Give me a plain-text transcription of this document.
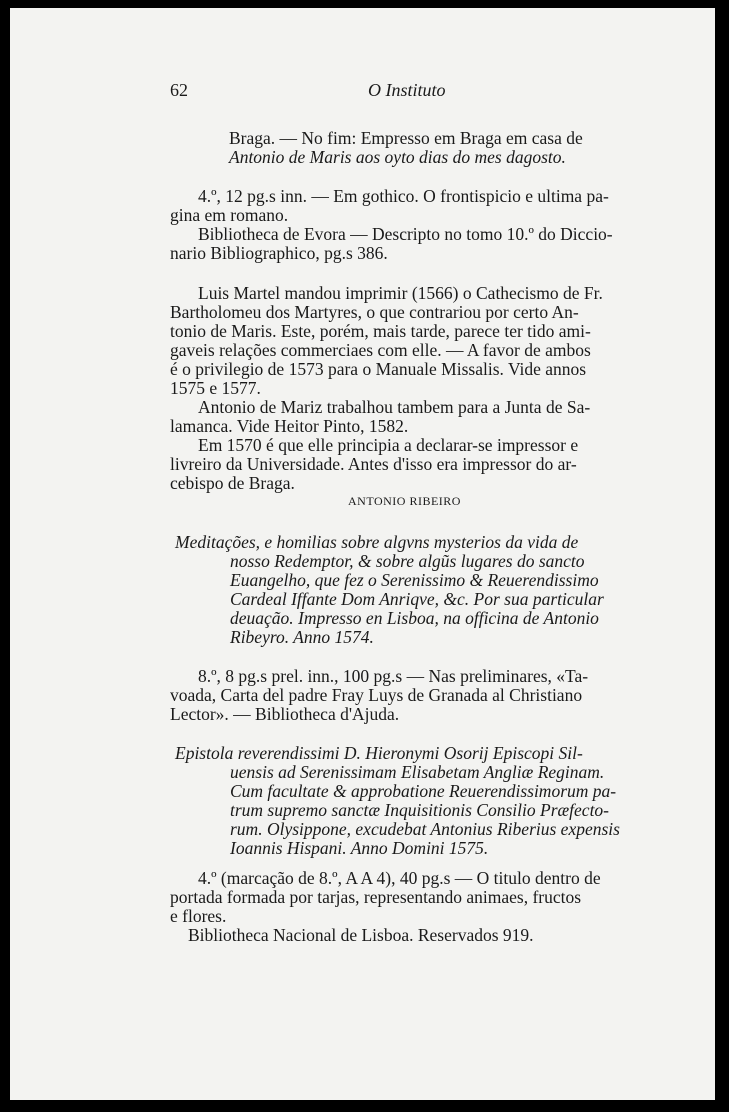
62	O Instituto
Braga. — No fim: Empresso em Braga em casa de
Antonio de Maris aos oyto dias do mes dagosto.
4.º, 12 pg.s inn. — Em gothico. O frontispicio e ultima pa-
gina em romano.
Bibliotheca de Evora — Descripto no tomo 10.º do Diccio-
nario Bibliographico, pg.s 386.
Luis Martel mandou imprimir (1566) o Cathecismo de Fr.
Bartholomeu dos Martyres, o que contrariou por certo An-
tonio de Maris. Este, porém, mais tarde, parece ter tido ami-
gaveis relações commerciaes com elle. — A favor de ambos
é o privilegio de 1573 para o Manuale Missalis. Vide annos
1575 e 1577.
Antonio de Mariz trabalhou tambem para a Junta de Sa-
lamanca. Vide Heitor Pinto, 1582.
Em 1570 é que elle principia a declarar-se impressor e
livreiro da Universidade. Antes d'isso era impressor do ar-
cebispo de Braga.
ANTONIO RIBEIRO
Meditações, e homilias sobre algvns mysterios da vida de
nosso Redemptor, & sobre algũs lugares do sancto
Euangelho, que fez o Serenissimo & Reuerendissimo
Cardeal Iffante Dom Anriqve, &c. Por sua particular
deuação. Impresso en Lisboa, na officina de Antonio
Ribeyro. Anno 1574.
8.º, 8 pg.s prel. inn., 100 pg.s — Nas preliminares, «Ta-
voada, Carta del padre Fray Luys de Granada al Christiano
Lector». — Bibliotheca d'Ajuda.
Epistola reverendissimi D. Hieronymi Osorij Episcopi Sil-
uensis ad Serenissimam Elisabetam Angliæ Reginam.
Cum facultate & approbatione Reuerendissimorum pa-
trum supremo sanctæ Inquisitionis Consilio Præfecto-
rum. Olysippone, excudebat Antonius Riberius expensis
Ioannis Hispani. Anno Domini 1575.
4.º (marcação de 8.º, A A 4), 40 pg.s — O titulo dentro de
portada formada por tarjas, representando animaes, fructos
e flores.
Bibliotheca Nacional de Lisboa. Reservados 919.
